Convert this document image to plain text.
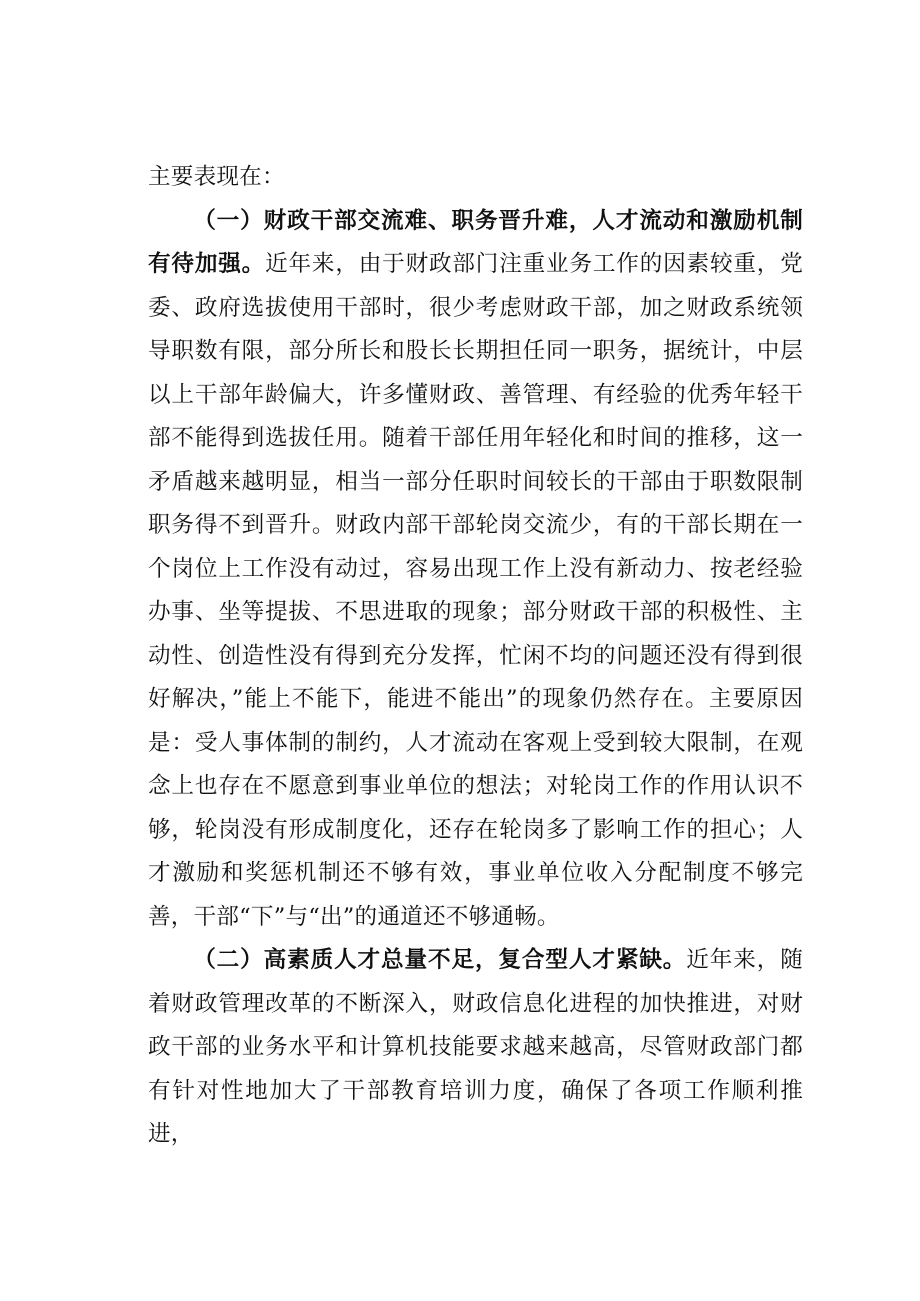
主要表现在：

（一）财政干部交流难、职务晋升难，人才流动和激励机制有待加强。近年来，由于财政部门注重业务工作的因素较重，党委、政府选拔使用干部时，很少考虑财政干部，加之财政系统领导职数有限，部分所长和股长长期担任同一职务，据统计，中层以上干部年龄偏大，许多懂财政、善管理、有经验的优秀年轻干部不能得到选拔任用。随着干部任用年轻化和时间的推移，这一矛盾越来越明显，相当一部分任职时间较长的干部由于职数限制职务得不到晋升。财政内部干部轮岗交流少，有的干部长期在一个岗位上工作没有动过，容易出现工作上没有新动力、按老经验办事、坐等提拔、不思进取的现象；部分财政干部的积极性、主动性、创造性没有得到充分发挥，忙闲不均的问题还没有得到很好解决，”能上不能下，能进不能出”的现象仍然存在。主要原因是：受人事体制的制约，人才流动在客观上受到较大限制，在观念上也存在不愿意到事业单位的想法；对轮岗工作的作用认识不够，轮岗没有形成制度化，还存在轮岗多了影响工作的担心；人才激励和奖惩机制还不够有效，事业单位收入分配制度不够完善，干部“下”与“出”的通道还不够通畅。

（二）高素质人才总量不足，复合型人才紧缺。近年来，随着财政管理改革的不断深入，财政信息化进程的加快推进，对财政干部的业务水平和计算机技能要求越来越高，尽管财政部门都有针对性地加大了干部教育培训力度，确保了各项工作顺利推进，
